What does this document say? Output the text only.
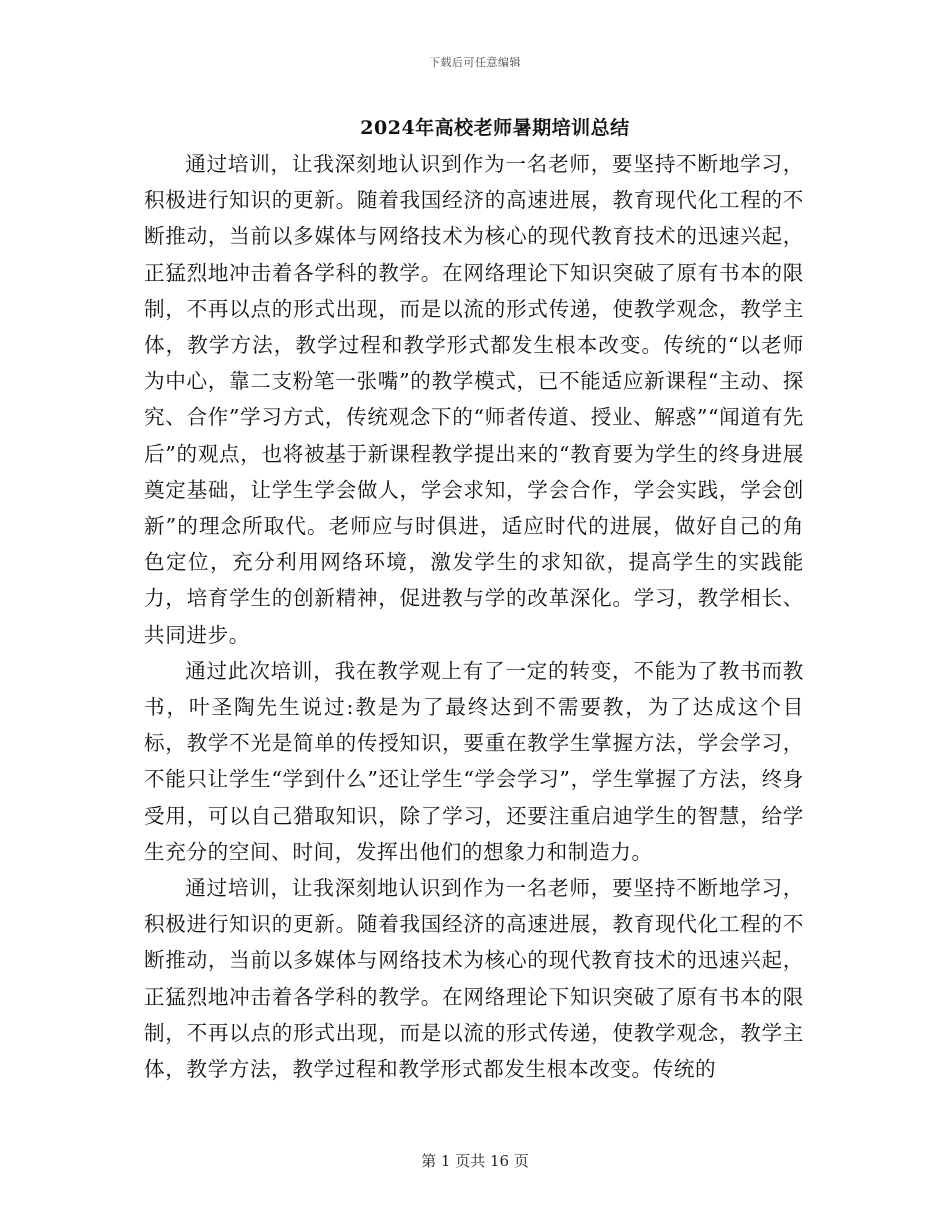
下载后可任意编辑
2024年高校老师暑期培训总结

通过培训，让我深刻地认识到作为一名老师，要坚持不断地学习，积极进行知识的更新。随着我国经济的高速进展，教育现代化工程的不断推动，当前以多媒体与网络技术为核心的现代教育技术的迅速兴起，正猛烈地冲击着各学科的教学。在网络理论下知识突破了原有书本的限制，不再以点的形式出现，而是以流的形式传递，使教学观念，教学主体，教学方法，教学过程和教学形式都发生根本改变。传统的“以老师为中心，靠二支粉笔一张嘴”的教学模式，已不能适应新课程“主动、探究、合作”学习方式，传统观念下的“师者传道、授业、解惑”“闻道有先后”的观点，也将被基于新课程教学提出来的“教育要为学生的终身进展奠定基础，让学生学会做人，学会求知，学会合作，学会实践，学会创新”的理念所取代。老师应与时俱进，适应时代的进展，做好自己的角色定位，充分利用网络环境，激发学生的求知欲，提高学生的实践能力，培育学生的创新精神，促进教与学的改革深化。学习，教学相长、共同进步。

通过此次培训，我在教学观上有了一定的转变，不能为了教书而教书，叶圣陶先生说过:教是为了最终达到不需要教，为了达成这个目标，教学不光是简单的传授知识，要重在教学生掌握方法，学会学习，不能只让学生“学到什么”还让学生“学会学习”，学生掌握了方法，终身受用，可以自己猎取知识，除了学习，还要注重启迪学生的智慧，给学生充分的空间、时间，发挥出他们的想象力和制造力。

通过培训，让我深刻地认识到作为一名老师，要坚持不断地学习，积极进行知识的更新。随着我国经济的高速进展，教育现代化工程的不断推动，当前以多媒体与网络技术为核心的现代教育技术的迅速兴起，正猛烈地冲击着各学科的教学。在网络理论下知识突破了原有书本的限制，不再以点的形式出现，而是以流的形式传递，使教学观念，教学主体，教学方法，教学过程和教学形式都发生根本改变。传统的

第 1 页共 16 页
